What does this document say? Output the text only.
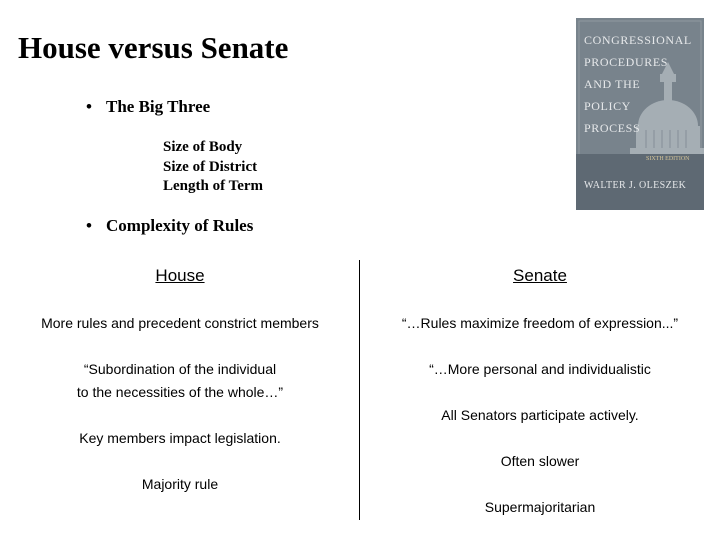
House versus Senate
• The Big Three
Size of Body
Size of District
Length of Term
• Complexity of Rules
CONGRESSIONAL
PROCEDURES
AND THE
POLICY
PROCESS
SIXTH EDITION
WALTER J. OLESZEK
House	Senate
More rules and precedent constrict members
“Subordination of the individual
to the necessities of the whole…”
Key members impact legislation.
Majority rule
“…Rules maximize freedom of expression...”
“…More personal and individualistic
All Senators participate actively.
Often slower
Supermajoritarian
